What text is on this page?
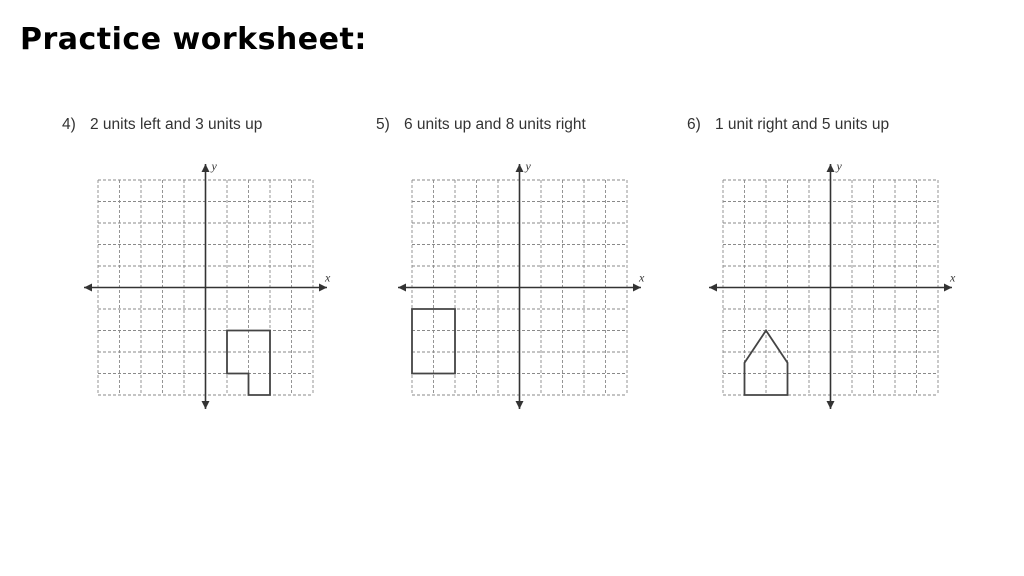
Practice worksheet:
4) 2 units left and 3 units up
x
y
5) 6 units up and 8 units right
x
y
6) 1 unit right and 5 units up
x
y
